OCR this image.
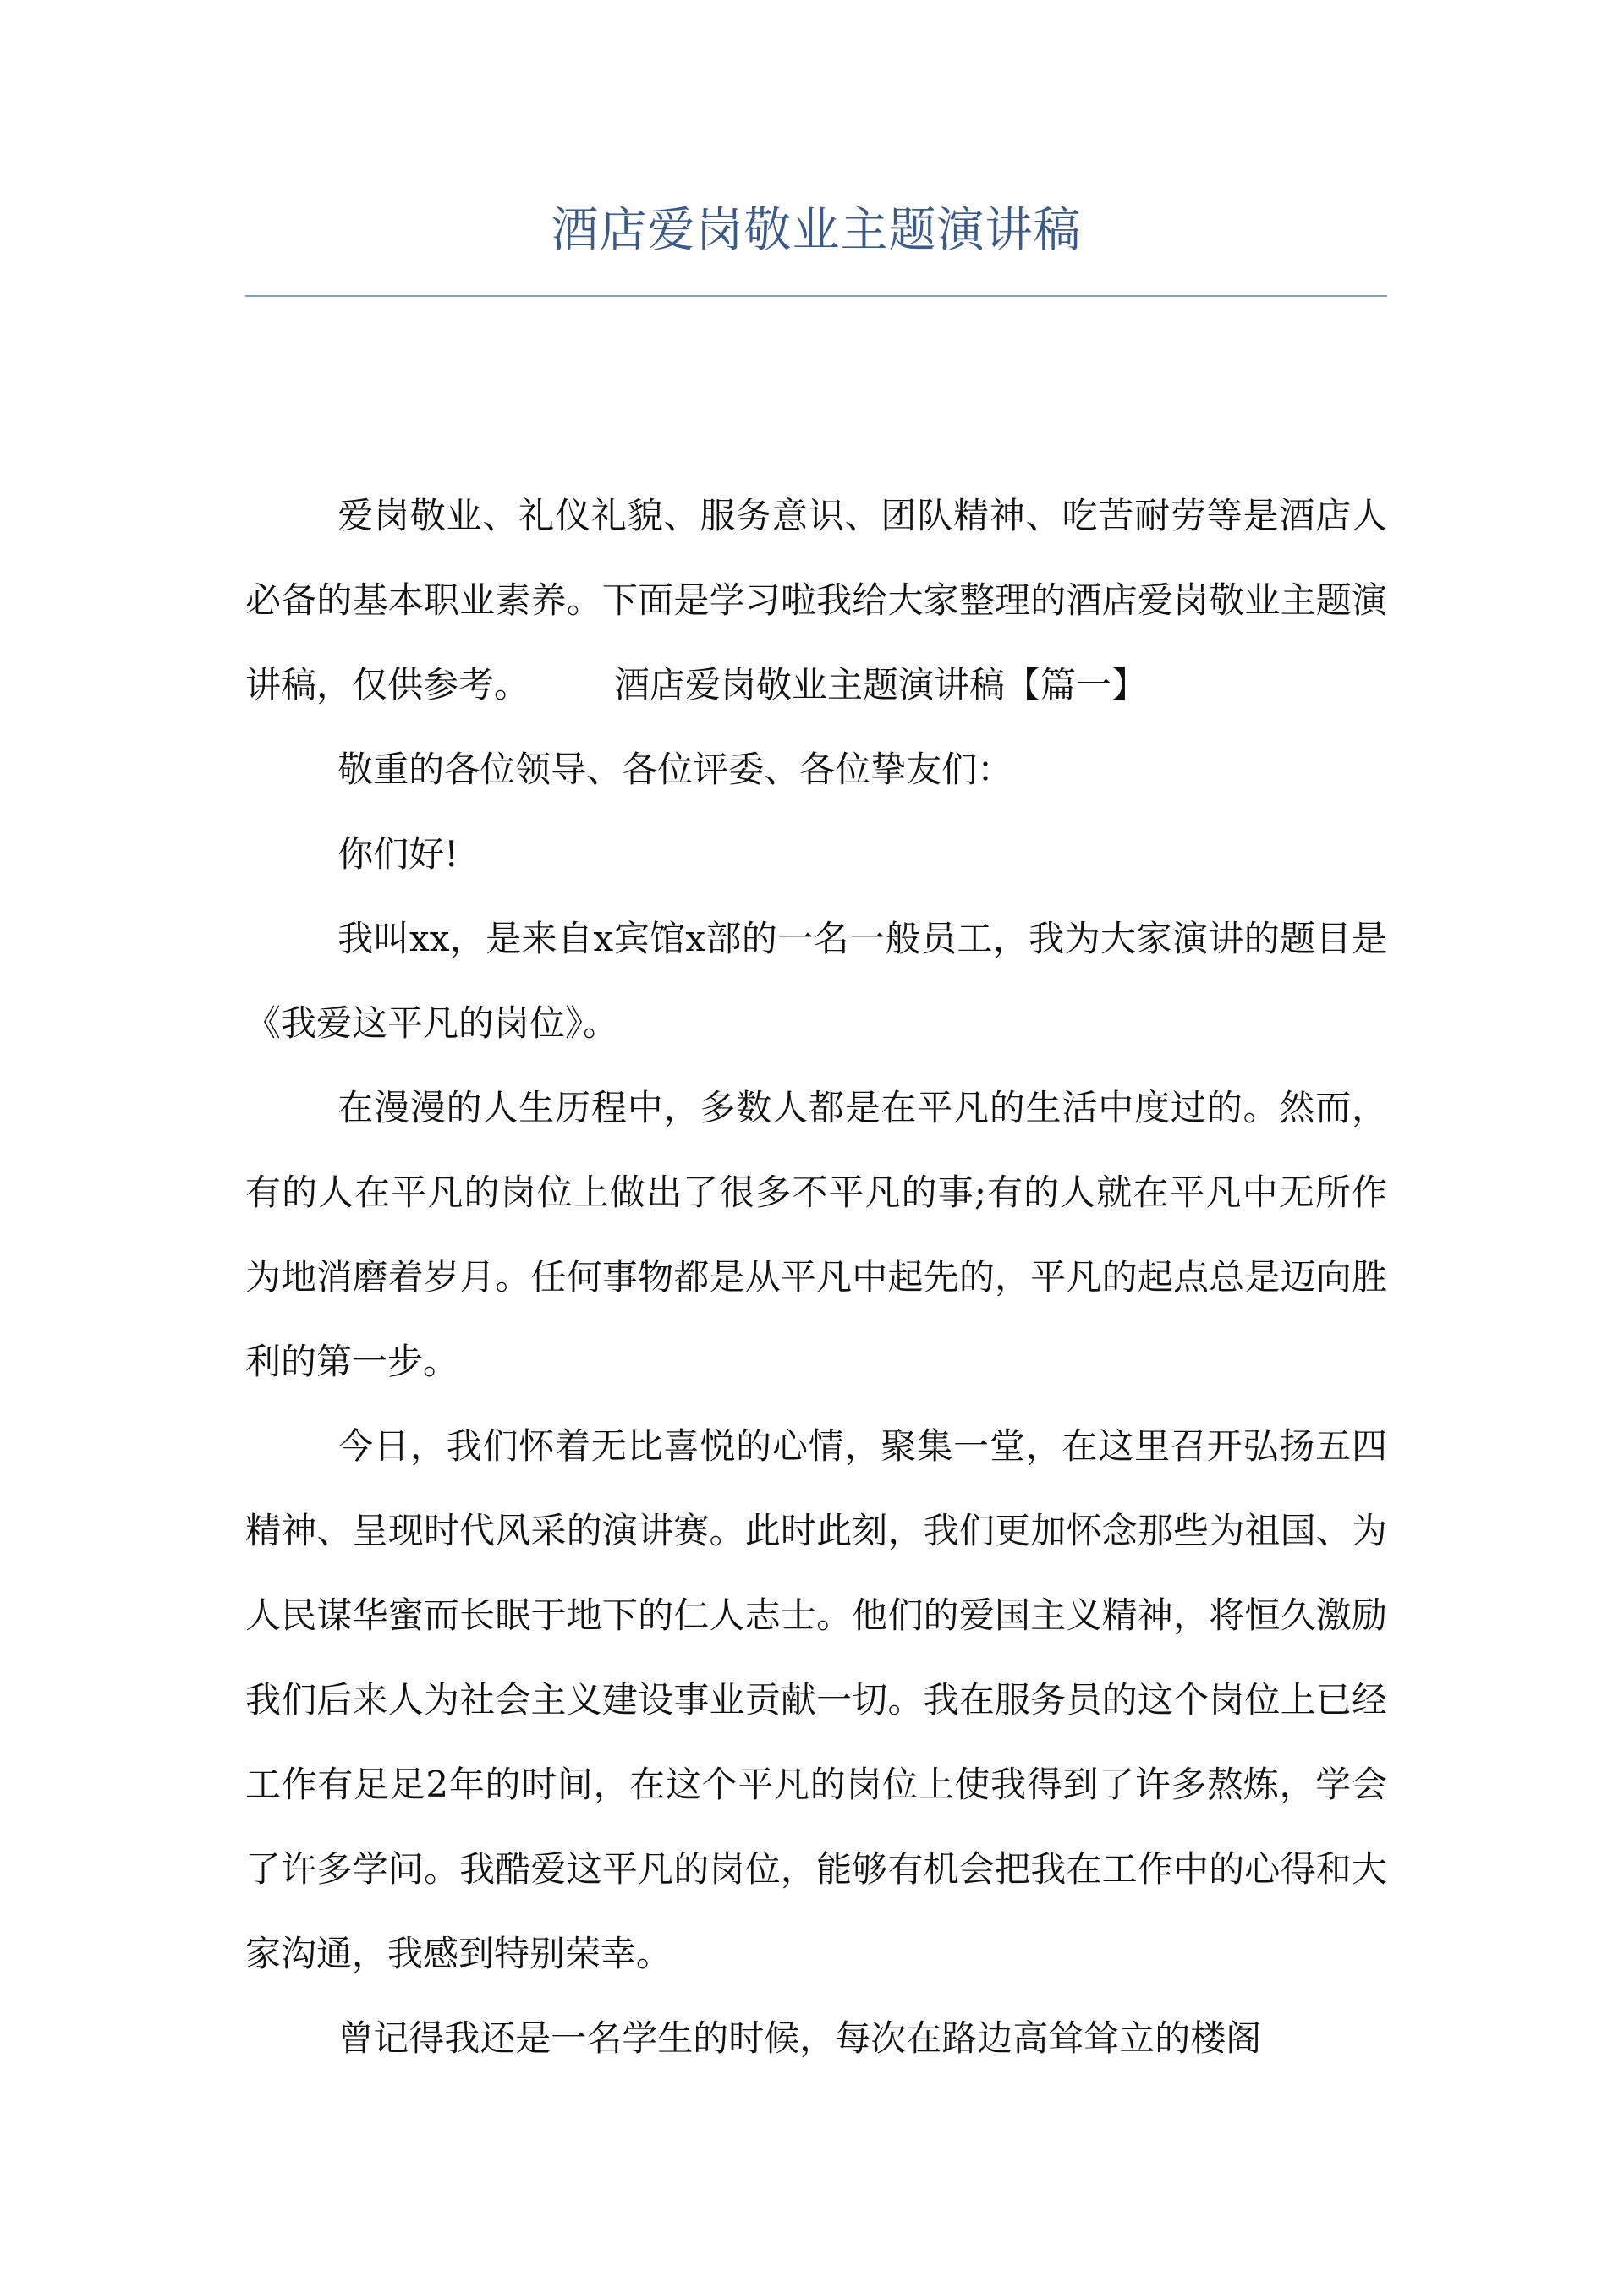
酒店爱岗敬业主题演讲稿

爱岗敬业、礼仪礼貌、服务意识、团队精神、吃苦耐劳等是酒店人必备的基本职业素养。下面是学习啦我给大家整理的酒店爱岗敬业主题演讲稿，仅供参考。 酒店爱岗敬业主题演讲稿【篇一】

敬重的各位领导、各位评委、各位挚友们：

你们好!

我叫xx，是来自x宾馆x部的一名一般员工，我为大家演讲的题目是《我爱这平凡的岗位》。

在漫漫的人生历程中，多数人都是在平凡的生活中度过的。然而，有的人在平凡的岗位上做出了很多不平凡的事;有的人就在平凡中无所作为地消磨着岁月。任何事物都是从平凡中起先的，平凡的起点总是迈向胜利的第一步。

今日，我们怀着无比喜悦的心情，聚集一堂，在这里召开弘扬五四精神、呈现时代风采的演讲赛。此时此刻，我们更加怀念那些为祖国、为人民谋华蜜而长眠于地下的仁人志士。他们的爱国主义精神，将恒久激励我们后来人为社会主义建设事业贡献一切。我在服务员的这个岗位上已经工作有足足2年的时间，在这个平凡的岗位上使我得到了许多熬炼，学会了许多学问。我酷爱这平凡的岗位，能够有机会把我在工作中的心得和大家沟通，我感到特别荣幸。

曾记得我还是一名学生的时候，每次在路边高耸耸立的楼阁
